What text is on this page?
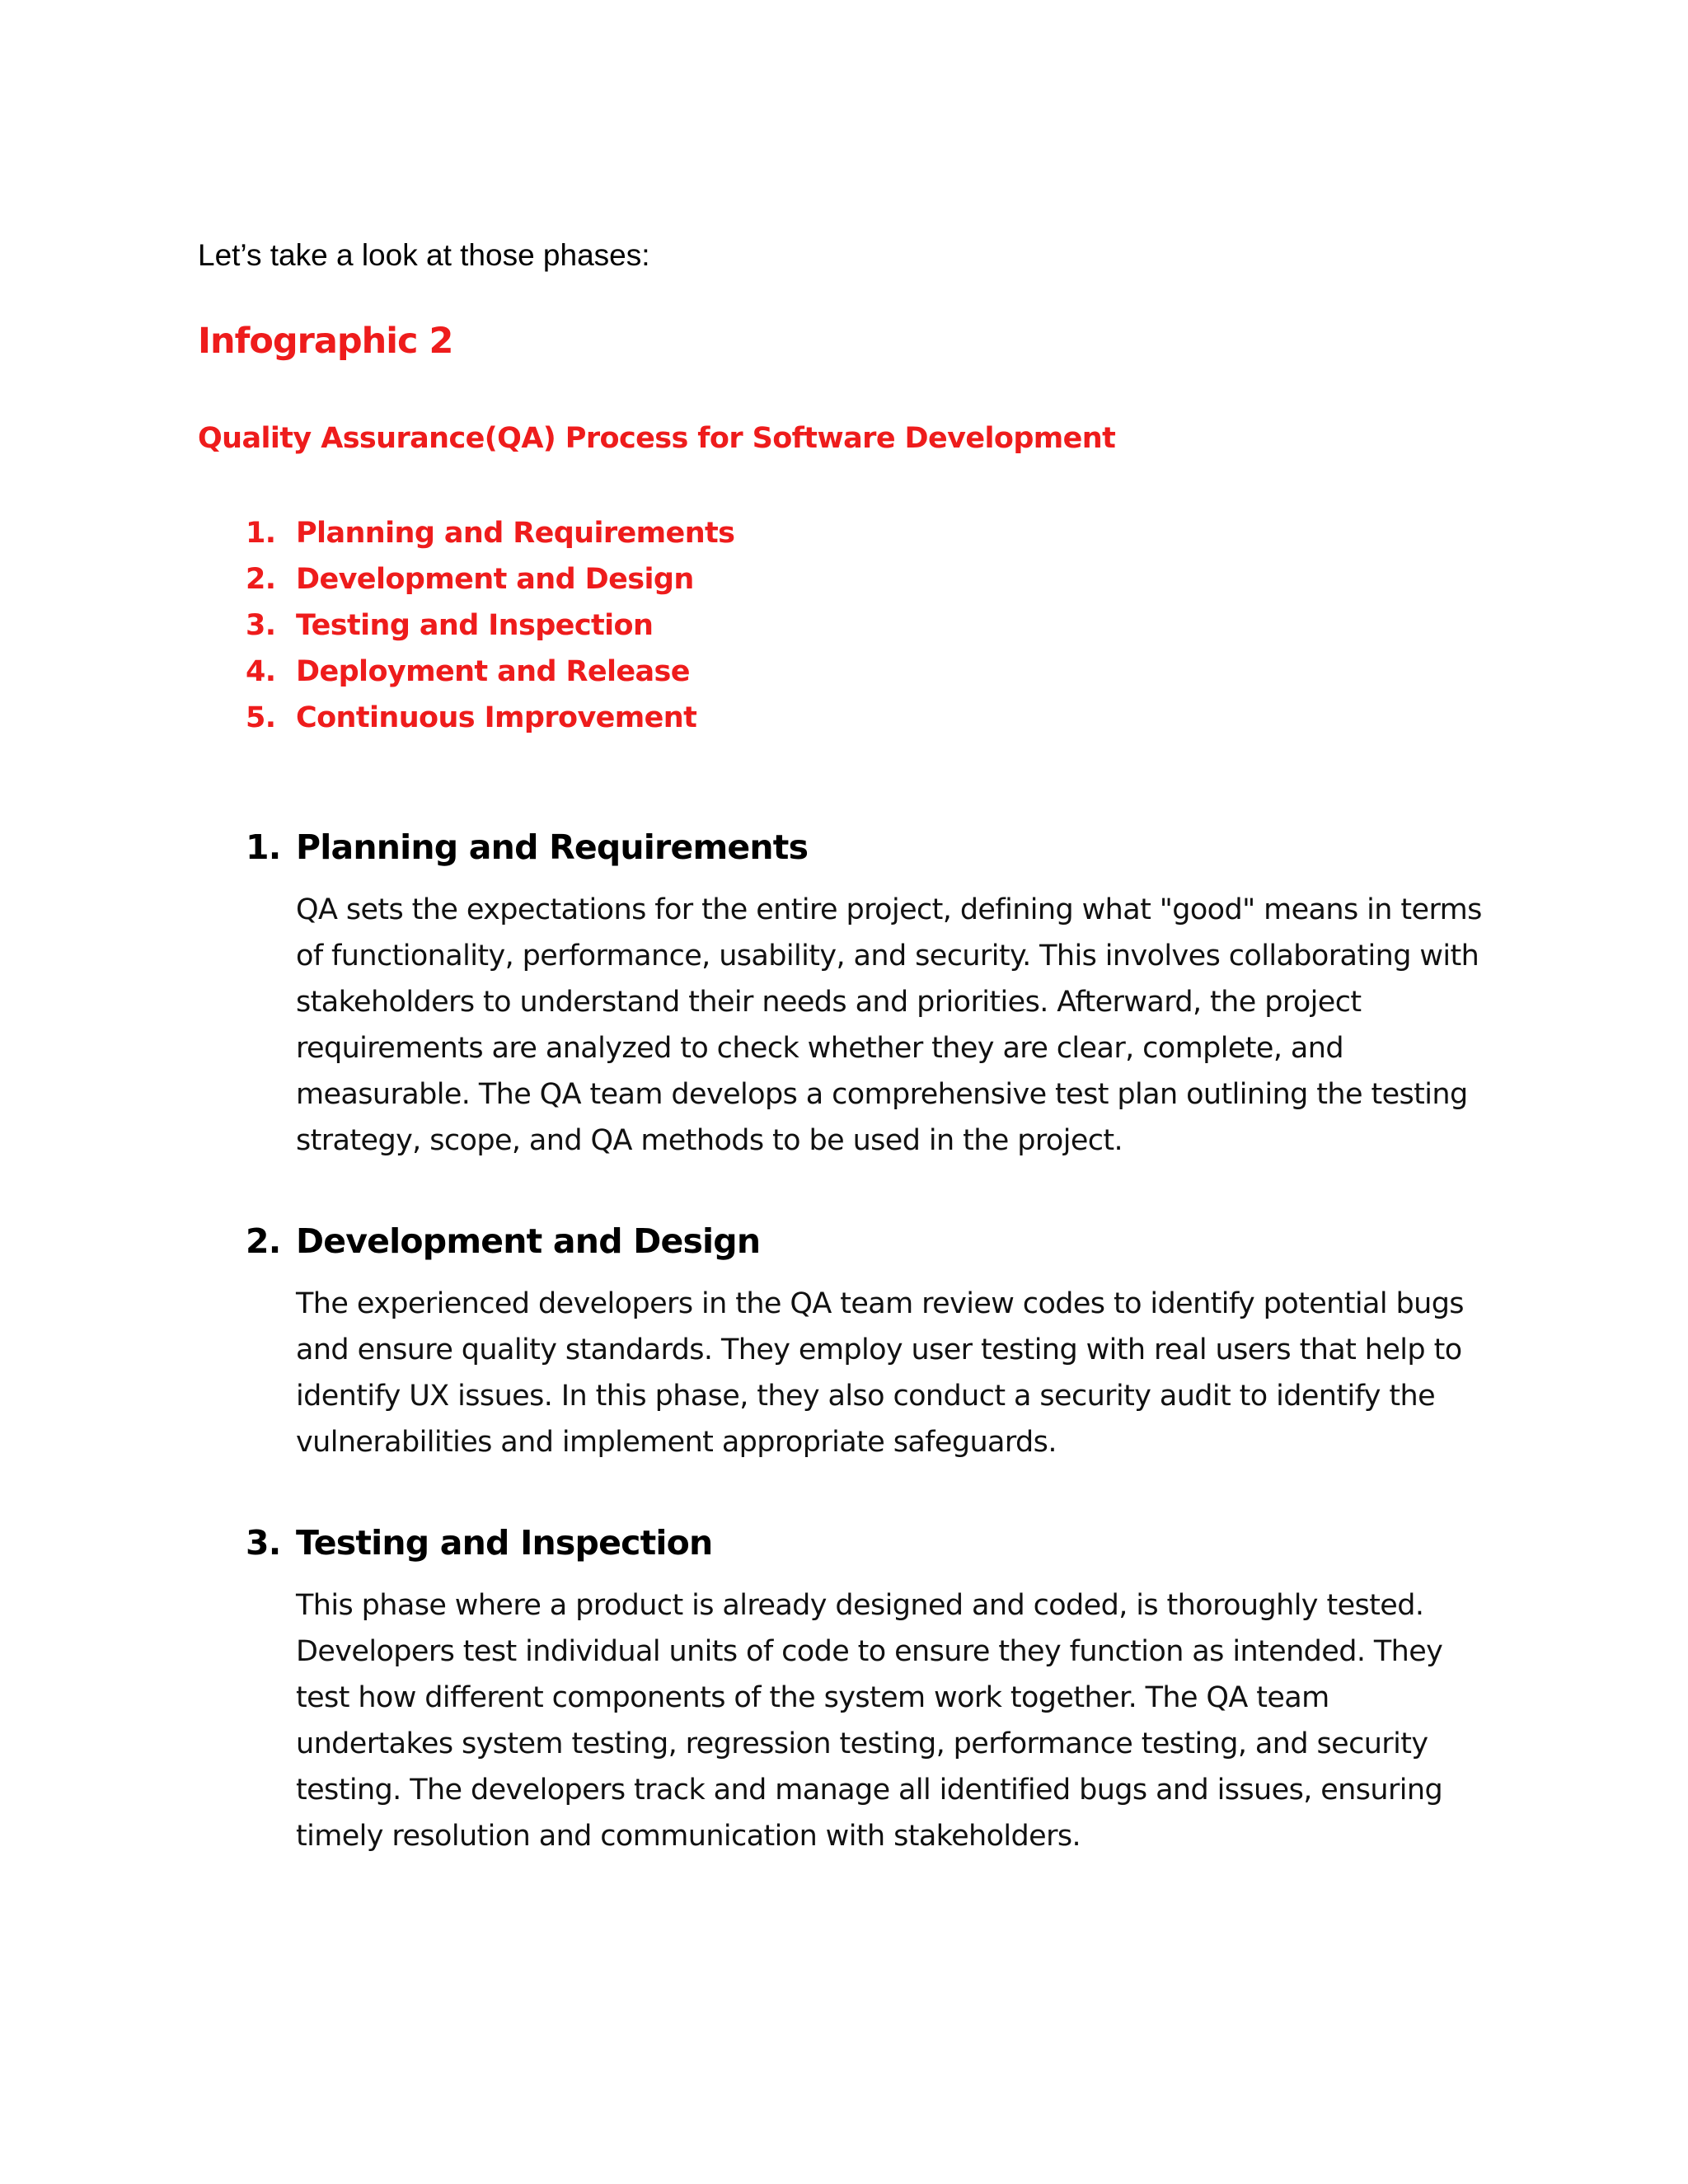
Let’s take a look at those phases:

Infographic 2
Quality Assurance(QA) Process for Software Development
1. Planning and Requirements
2. Development and Design
3. Testing and Inspection
4. Deployment and Release
5. Continuous Improvement
1. Planning and Requirements

QA sets the expectations for the entire project, defining what "good" means in terms of functionality, performance, usability, and security. This involves collaborating with stakeholders to understand their needs and priorities. Afterward, the project requirements are analyzed to check whether they are clear, complete, and measurable. The QA team develops a comprehensive test plan outlining the testing strategy, scope, and QA methods to be used in the project.

2. Development and Design

The experienced developers in the QA team review codes to identify potential bugs and ensure quality standards. They employ user testing with real users that help to identify UX issues. In this phase, they also conduct a security audit to identify the vulnerabilities and implement appropriate safeguards.

3. Testing and Inspection

This phase where a product is already designed and coded, is thoroughly tested. Developers test individual units of code to ensure they function as intended. They test how different components of the system work together. The QA team undertakes system testing, regression testing, performance testing, and security testing. The developers track and manage all identified bugs and issues, ensuring timely resolution and communication with stakeholders.
